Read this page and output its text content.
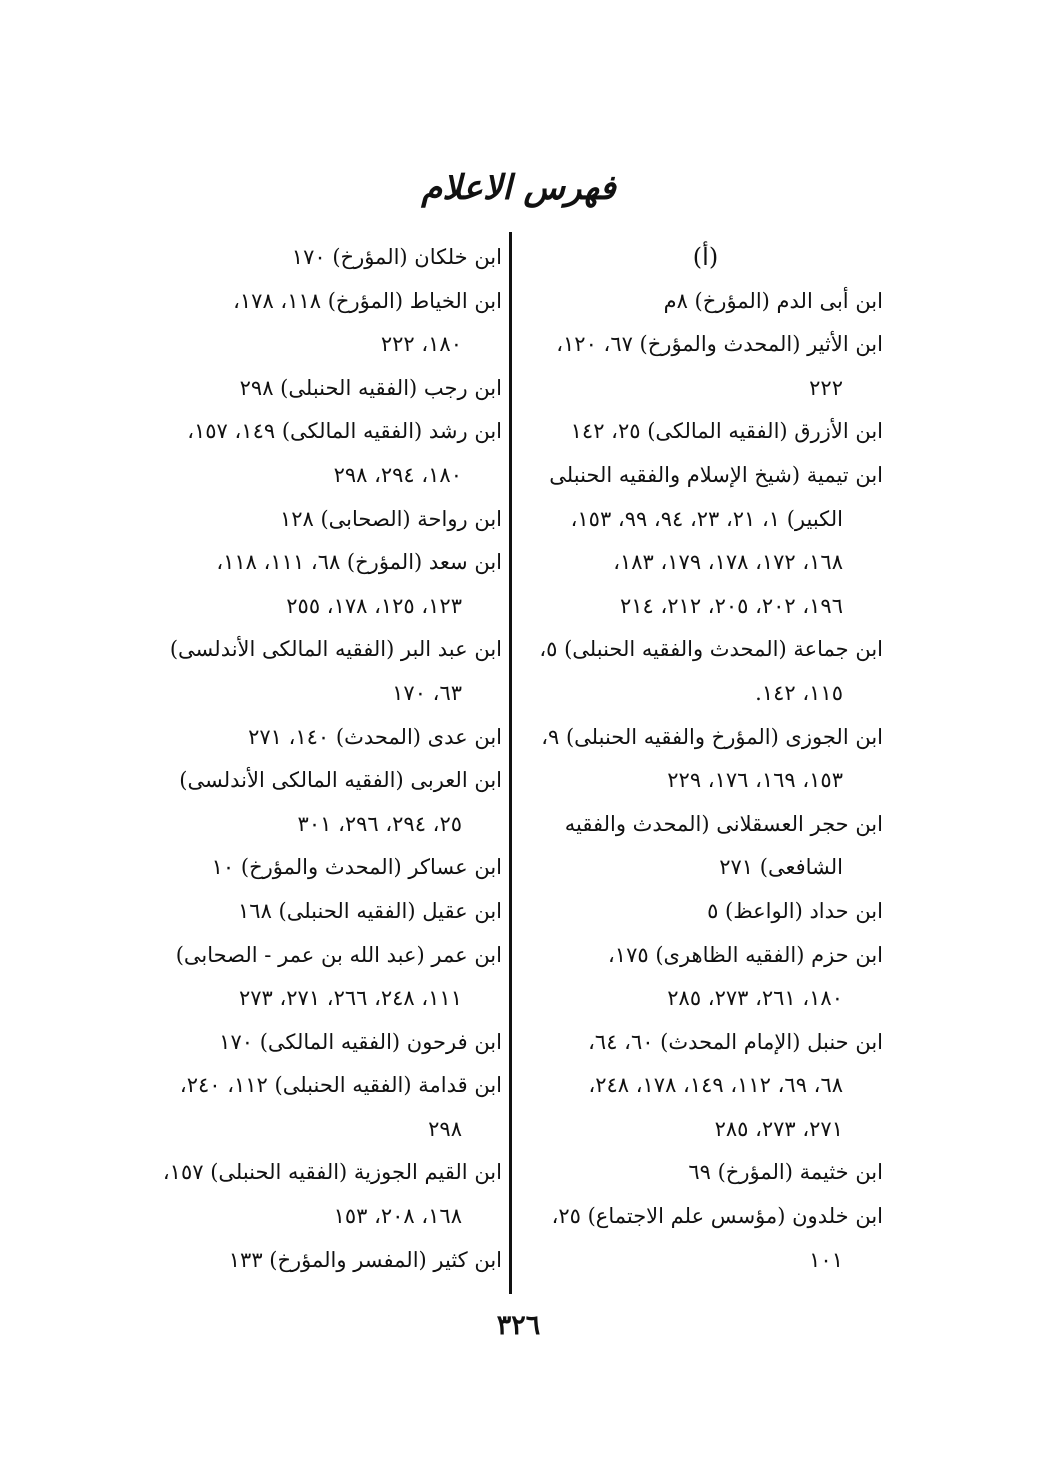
فهرس الاعلام
(أ)
ابن أبى الدم (المؤرخ) ٨م
ابن الأثير (المحدث والمؤرخ) ٦٧، ١٢٠،
٢٢٢
ابن الأزرق (الفقيه المالكى) ٢٥، ١٤٢
ابن تيمية (شيخ الإسلام والفقيه الحنبلى
الكبير) ١، ٢١، ٢٣، ٩٤، ٩٩، ١٥٣،
١٦٨، ١٧٢، ١٧٨، ١٧٩، ١٨٣،
١٩٦، ٢٠٢، ٢٠٥، ٢١٢، ٢١٤
ابن جماعة (المحدث والفقيه الحنبلى) ٥،
١١٥، ١٤٢.
ابن الجوزى (المؤرخ والفقيه الحنبلى) ٩،
١٥٣، ١٦٩، ١٧٦، ٢٢٩
ابن حجر العسقلانى (المحدث والفقيه
الشافعى) ٢٧١
ابن حداد (الواعظ) ٥
ابن حزم (الفقيه الظاهرى) ١٧٥،
١٨٠، ٢٦١، ٢٧٣، ٢٨٥
ابن حنبل (الإمام المحدث) ٦٠، ٦٤،
٦٨، ٦٩، ١١٢، ١٤٩، ١٧٨، ٢٤٨،
٢٧١، ٢٧٣، ٢٨٥
ابن خثيمة (المؤرخ) ٦٩
ابن خلدون (مؤسس علم الاجتماع) ٢٥،
١٠١
ابن خلكان (المؤرخ) ١٧٠
ابن الخياط (المؤرخ) ١١٨، ١٧٨،
١٨٠، ٢٢٢
ابن رجب (الفقيه الحنبلى) ٢٩٨
ابن رشد (الفقيه المالكى) ١٤٩، ١٥٧،
١٨٠، ٢٩٤، ٢٩٨
ابن رواحة (الصحابى) ١٢٨
ابن سعد (المؤرخ) ٦٨، ١١١، ١١٨،
١٢٣، ١٢٥، ١٧٨، ٢٥٥
ابن عبد البر (الفقيه المالكى الأندلسى)
٦٣، ١٧٠
ابن عدى (المحدث) ١٤٠، ٢٧١
ابن العربى (الفقيه المالكى الأندلسى)
٢٥، ٢٩٤، ٢٩٦، ٣٠١
ابن عساكر (المحدث والمؤرخ) ١٠
ابن عقيل (الفقيه الحنبلى) ١٦٨
ابن عمر (عبد الله بن عمر - الصحابى)
١١١، ٢٤٨، ٢٦٦، ٢٧١، ٢٧٣
ابن فرحون (الفقيه المالكى) ١٧٠
ابن قدامة (الفقيه الحنبلى) ١١٢، ٢٤٠،
٢٩٨
ابن القيم الجوزية (الفقيه الحنبلى) ١٥٧،
١٦٨، ٢٠٨، ١٥٣
ابن كثير (المفسر والمؤرخ) ١٣٣
٣٢٦
